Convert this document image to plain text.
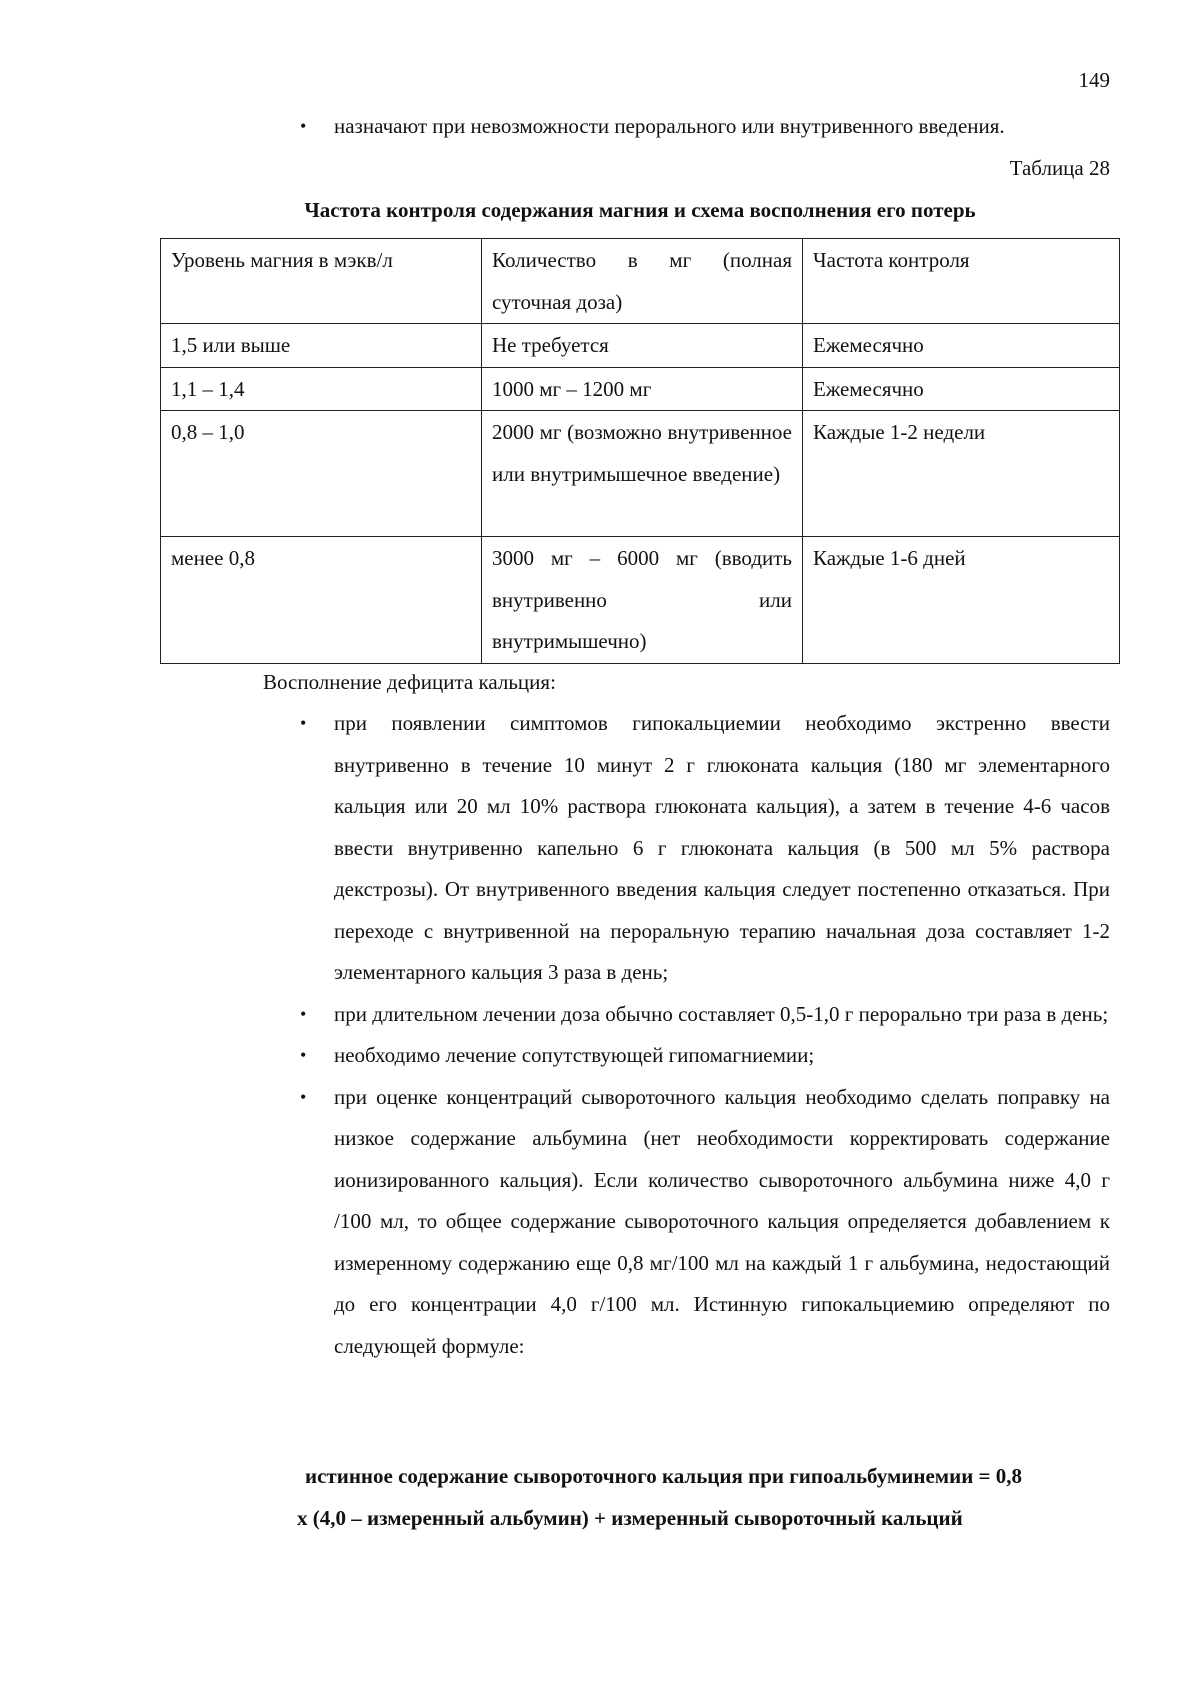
149
•	назначают при невозможности перорального или внутривенного введения.
Таблица 28
Частота контроля содержания магния и схема восполнения его потерь
Уровень магния в мэкв/л	Количество в мг (полная суточная доза)	Частота контроля
1,5 или выше	Не требуется	Ежемесячно
1,1 – 1,4	1000 мг – 1200 мг	Ежемесячно
0,8 – 1,0	2000 мг (возможно внутривенное или внутримышечное введение)	Каждые 1-2 недели
менее 0,8	3000 мг – 6000 мг (вводить внутривенно или внутримышечно)	Каждые 1-6 дней
Восполнение дефицита кальция:
•	при появлении симптомов гипокальциемии необходимо экстренно ввести внутривенно в течение 10 минут 2 г глюконата кальция (180 мг элементарного кальция или 20 мл 10% раствора глюконата кальция), а затем в течение 4-6 часов ввести внутривенно капельно 6 г глюконата кальция (в 500 мл 5% раствора декстрозы). От внутривенного введения кальция следует постепенно отказаться. При переходе с внутривенной на пероральную терапию начальная доза составляет 1-2 элементарного кальция 3 раза в день;
•	при длительном лечении доза обычно составляет 0,5-1,0 г перорально три раза в день;
•	необходимо лечение сопутствующей гипомагниемии;
•	при оценке концентраций сывороточного кальция необходимо сделать поправку на низкое содержание альбумина (нет необходимости корректировать содержание ионизированного кальция). Если количество сывороточного альбумина ниже 4,0 г /100 мл, то общее содержание сывороточного кальция определяется добавлением к измеренному содержанию еще 0,8 мг/100 мл на каждый 1 г альбумина, недостающий до его концентрации 4,0 г/100 мл. Истинную гипокальциемию определяют по следующей формуле:
истинное содержание сывороточного кальция при гипоальбуминемии = 0,8
х (4,0 – измеренный альбумин) + измеренный сывороточный кальций
